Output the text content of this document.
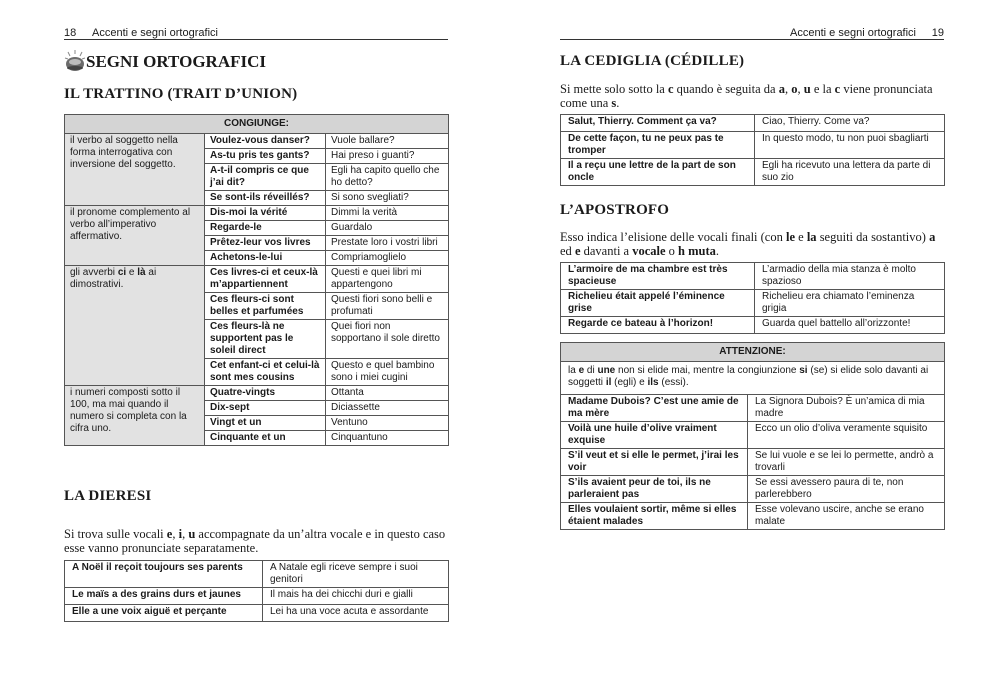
18 Accenti e segni ortografici
SEGNI ORTOGRAFICI
IL TRATTINO (TRAIT D’UNION)
CONGIUNGE:		
il verbo al soggetto nella forma interrogativa con inversione del soggetto.	Voulez-vous danser?	Vuole ballare?
	As-tu pris tes gants?	Hai preso i guanti?
	A-t-il compris ce que j’ai dit?	Egli ha capito quello che ho detto?
	Se sont-ils réveillés?	Si sono svegliati?
il pronome complemento al verbo all’imperativo affermativo.	Dis-moi la vérité	Dimmi la verità
	Regarde-le	Guardalo
	Prêtez-leur vos livres	Prestate loro i vostri libri
	Achetons-le-lui	Compriamoglielo
gli avverbi ci e là ai dimostrativi.	Ces livres-ci et ceux-là m’appartiennent	Questi e quei libri mi appartengono
	Ces fleurs-ci sont belles et parfumées	Questi fiori sono belli e profumati
	Ces fleurs-là ne supportent pas le soleil direct	Quei fiori non sopportano il sole diretto
	Cet enfant-ci et celui-là sont mes cousins	Questo e quel bambino sono i miei cugini
i numeri composti sotto il 100, ma mai quando il numero si completa con la cifra uno.	Quatre-vingts	Ottanta
	Dix-sept	Diciassette
	Vingt et un	Ventuno
	Cinquante et un	Cinquantuno
LA DIERESI

Si trova sulle vocali e, i, u accompagnate da un’altra vocale e in questo caso esse vanno pronunciate separatamente.

A Noël il reçoit toujours ses parents	A Natale egli riceve sempre i suoi genitori
Le maïs a des grains durs et jaunes	Il mais ha dei chicchi duri e gialli
Elle a une voix aiguë et perçante	Lei ha una voce acuta e assordante
Accenti e segni ortografici 19
LA CEDIGLIA (CÉDILLE)

Si mette solo sotto la c quando è seguita da a, o, u e la c viene pronunciata come una s.

Salut, Thierry. Comment ça va?	Ciao, Thierry. Come va?
De cette façon, tu ne peux pas te tromper	In questo modo, tu non puoi sbagliarti
Il a reçu une lettre de la part de son oncle	Egli ha ricevuto una lettera da parte di suo zio
L’APOSTROFO

Esso indica l’elisione delle vocali finali (con le e la seguiti da sostantivo) a ed e davanti a vocale o h muta.

L’armoire de ma chambre est très spacieuse	L’armadio della mia stanza è molto spazioso
Richelieu était appelé l’éminence grise	Richelieu era chiamato l’eminenza grigia
Regarde ce bateau à l’horizon!	Guarda quel battello all’orizzonte!
ATTENZIONE:	
la e di une non si elide mai, mentre la congiunzione si (se) si elide solo davanti ai soggetti il (egli) e ils (essi).	
Madame Dubois? C’est une amie de ma mère	La Signora Dubois? È un’amica di mia madre
Voilà une huile d’olive vraiment exquise	Ecco un olio d’oliva veramente squisito
S’il veut et si elle le permet, j’irai les voir	Se lui vuole e se lei lo permette, andrò a trovarli
S’ils avaient peur de toi, ils ne parleraient pas	Se essi avessero paura di te, non parlerebbero
Elles voulaient sortir, même si elles étaient malades	Esse volevano uscire, anche se erano malate
